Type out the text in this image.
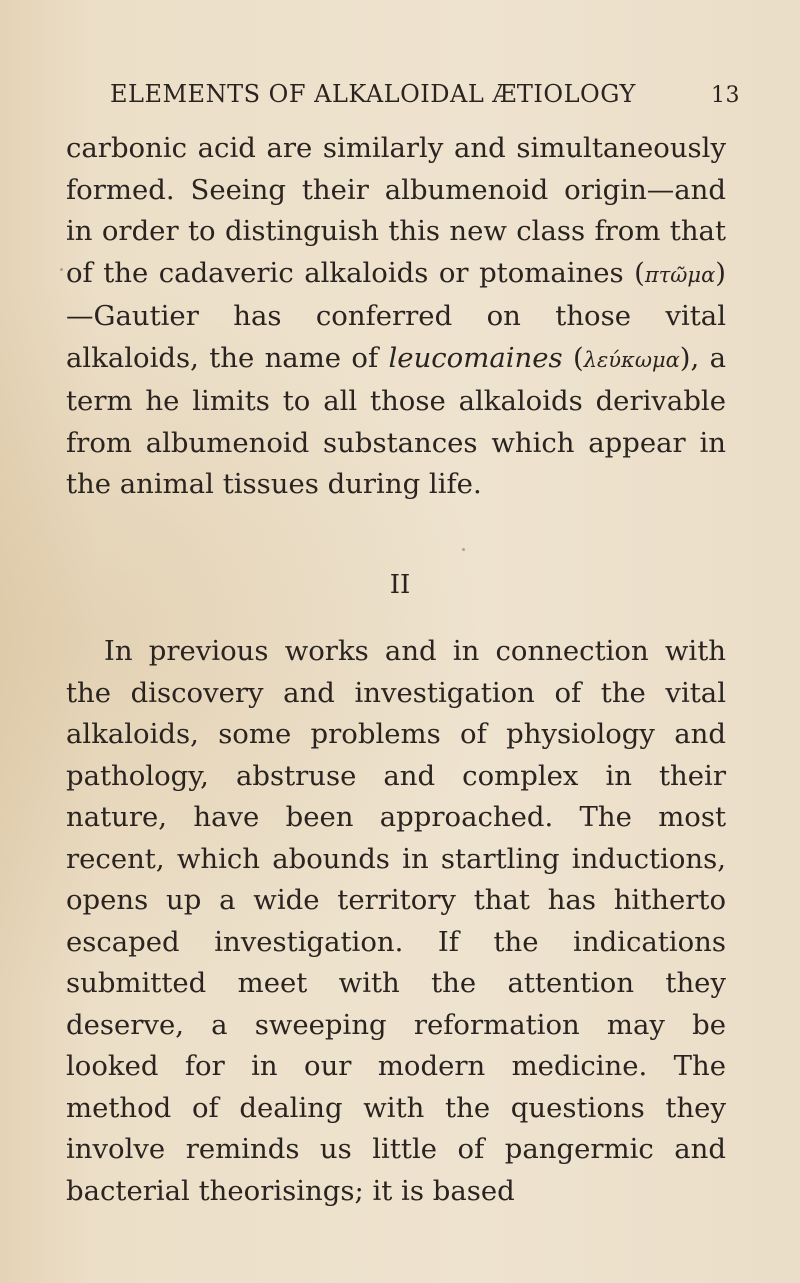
ELEMENTS OF ALKALOIDAL ÆTIOLOGY	13

carbonic acid are similarly and simultaneously formed. Seeing their albumenoid origin—and in order to distinguish this new class from that of the cadaveric alkaloids or ptomaines (πτῶμα)—Gautier has conferred on those vital alkaloids, the name of leucomaines (λεύκωμα), a term he limits to all those alkaloids derivable from albumenoid substances which appear in the animal tissues during life.

II

In previous works and in connection with the discovery and investigation of the vital alkaloids, some problems of physiology and pathology, abstruse and complex in their nature, have been approached. The most recent, which abounds in startling inductions, opens up a wide territory that has hitherto escaped investigation. If the indications submitted meet with the attention they deserve, a sweeping reformation may be looked for in our modern medicine. The method of dealing with the questions they involve reminds us little of pangermic and bacterial theorisings; it is based
